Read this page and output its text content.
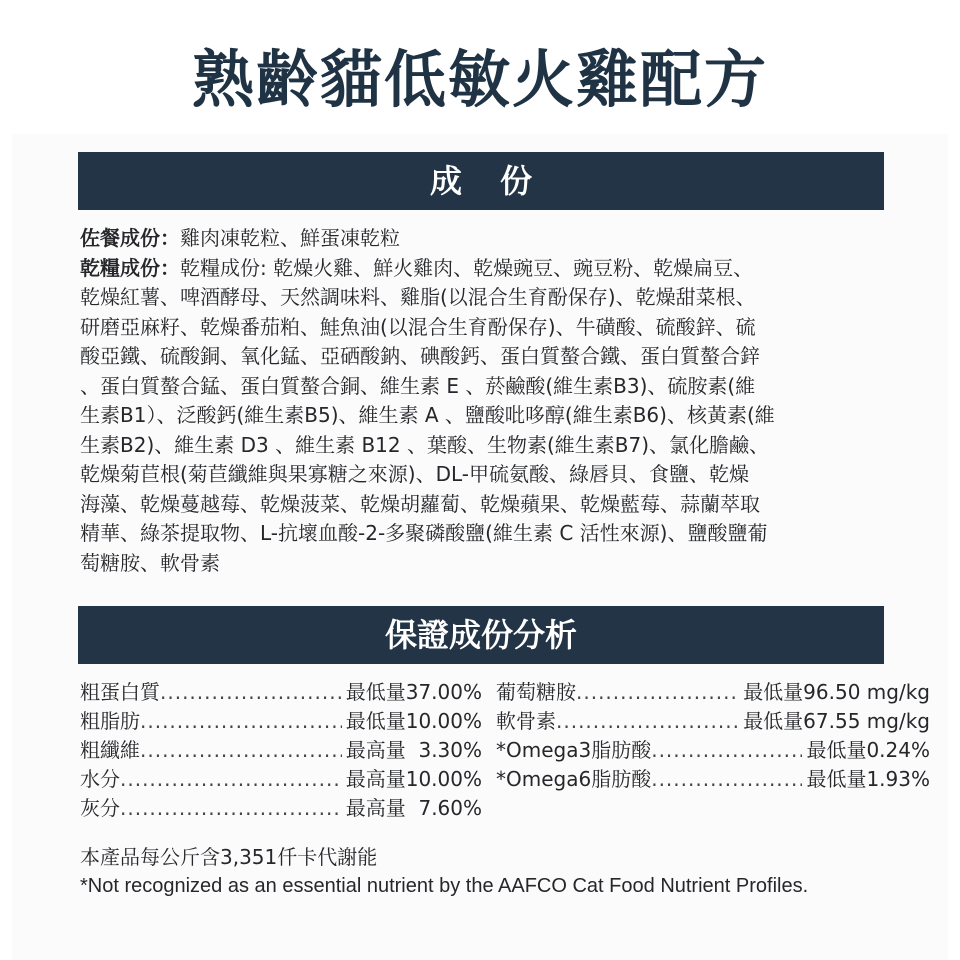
熟齡貓低敏火雞配方
成份
佐餐成份：雞肉凍乾粒、鮮蛋凍乾粒
乾糧成份：乾糧成份: 乾燥火雞、鮮火雞肉、乾燥豌豆、豌豆粉、乾燥扁豆、
乾燥紅薯、啤酒酵母、天然調味料、雞脂(以混合生育酚保存)、乾燥甜菜根、
研磨亞麻籽、乾燥番茄粕、鮭魚油(以混合生育酚保存)、牛磺酸、硫酸鋅、硫
酸亞鐵、硫酸銅、氧化錳、亞硒酸鈉、碘酸鈣、蛋白質螯合鐵、蛋白質螯合鋅
、蛋白質螯合錳、蛋白質螯合銅、維生素 E 、菸鹼酸(維生素B3)、硫胺素(維
生素B1）、泛酸鈣(維生素B5)、維生素 A 、鹽酸吡哆醇(維生素B6)、核黃素(維
生素B2)、維生素 D3 、維生素 B12 、葉酸、生物素(維生素B7)、氯化膽鹼、
乾燥菊苣根(菊苣纖維與果寡糖之來源)、DL-甲硫氨酸、綠唇貝、食鹽、乾燥
海藻、乾燥蔓越莓、乾燥菠菜、乾燥胡蘿蔔、乾燥蘋果、乾燥藍莓、蒜蘭萃取
精華、綠茶提取物、L-抗壞血酸-2-多聚磷酸鹽(維生素 C 活性來源)、鹽酸鹽葡
萄糖胺、軟骨素
保證成份分析
粗蛋白質 .....	最低量37.00%
粗脂肪 .....	最低量10.00%
粗纖維 .....	最高量  3.30%
水分 .....	最高量10.00%
灰分 .....	最高量  7.60%
葡萄糖胺 .....	最低量96.50 mg/kg
軟骨素 .....	最低量67.55 mg/kg
*Omega3脂肪酸 .....	最低量0.24%
*Omega6脂肪酸 .....	最低量1.93%
本產品每公斤含3,351仟卡代謝能
*Not recognized as an essential nutrient by the AAFCO Cat Food Nutrient Profiles.
